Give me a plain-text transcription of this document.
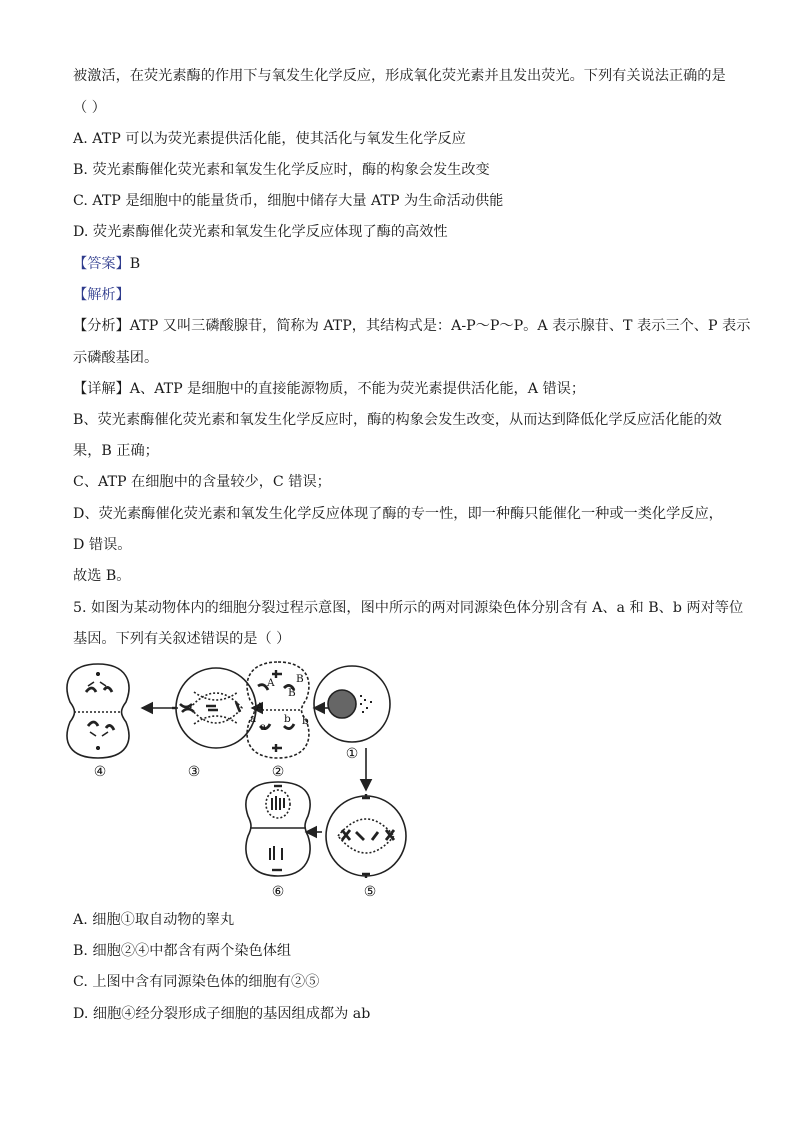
被激活，在荧光素酶的作用下与氧发生化学反应，形成氧化荧光素并且发出荧光。下列有关说法正确的是
（ ）
A. ATP 可以为荧光素提供活化能，使其活化与氧发生化学反应
B. 荧光素酶催化荧光素和氧发生化学反应时，酶的构象会发生改变
C. ATP 是细胞中的能量货币，细胞中储存大量 ATP 为生命活动供能
D. 荧光素酶催化荧光素和氧发生化学反应体现了酶的高效性
【答案】B
【解析】
【分析】ATP 又叫三磷酸腺苷，简称为 ATP，其结构式是：A-P～P～P。A 表示腺苷、T 表示三个、P 表示
示磷酸基团。
【详解】A、ATP 是细胞中的直接能源物质，不能为荧光素提供活化能，A 错误；
B、荧光素酶催化荧光素和氧发生化学反应时，酶的构象会发生改变，从而达到降低化学反应活化能的效
果，B 正确；
C、ATP 在细胞中的含量较少，C 错误；
D、荧光素酶催化荧光素和氧发生化学反应体现了酶的专一性，即一种酶只能催化一种或一类化学反应，
D 错误。
故选 B。
5. 如图为某动物体内的细胞分裂过程示意图，图中所示的两对同源染色体分别含有 A、a 和 B、b 两对等位
基因。下列有关叙述错误的是（ ）
A B
B
A
a
a
b b
④	③	②
①
⑥	⑤
A. 细胞①取自动物的睾丸
B. 细胞②④中都含有两个染色体组
C. 上图中含有同源染色体的细胞有②⑤
D. 细胞④经分裂形成子细胞的基因组成都为 ab
